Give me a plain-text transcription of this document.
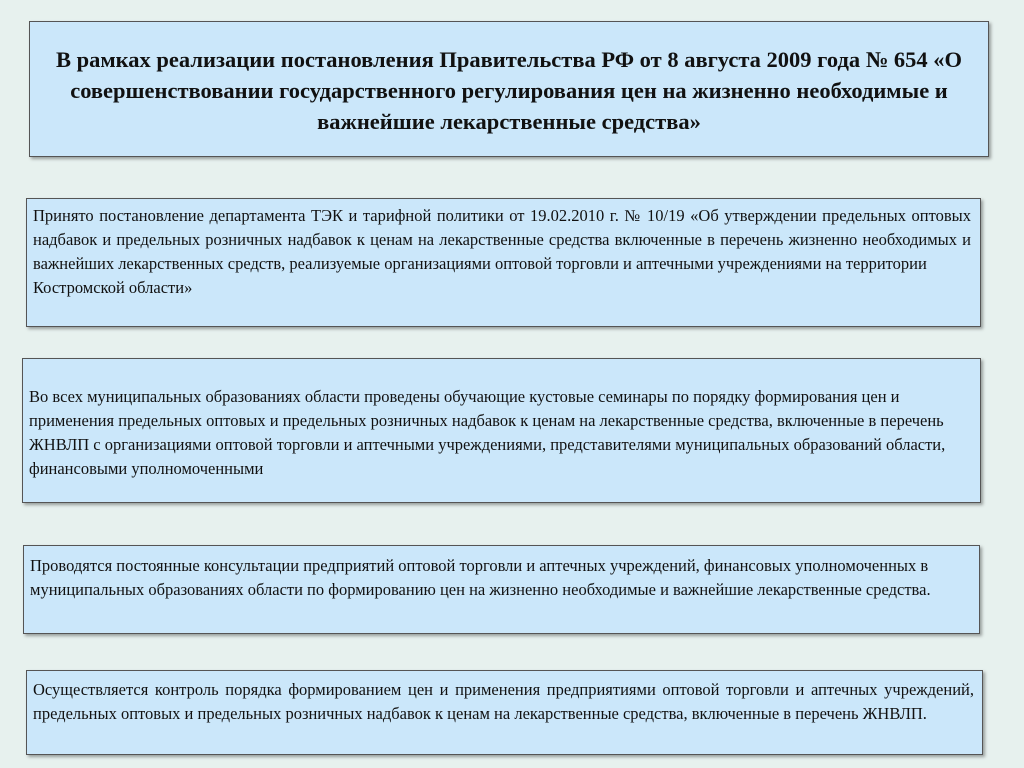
В рамках реализации постановления Правительства РФ от 8 августа 2009 года № 654 «О совершенствовании государственного регулирования цен на жизненно необходимые и важнейшие лекарственные средства»
Принято постановление департамента ТЭК и тарифной политики от 19.02.2010 г. № 10/19 «Об утверждении предельных оптовых надбавок и предельных розничных надбавок к ценам на лекарственные средства включенные в перечень жизненно необходимых и важнейших лекарственных средств, реализуемые организациями оптовой торговли и аптечными учреждениями на территории
Костромской области»
Во всех муниципальных образованиях области проведены обучающие кустовые семинары по порядку формирования цен и применения предельных оптовых и предельных розничных надбавок к ценам на лекарственные средства, включенные в перечень ЖНВЛП с организациями оптовой торговли и аптечными учреждениями, представителями муниципальных образований области, финансовыми уполномоченными
Проводятся постоянные консультации предприятий оптовой торговли и аптечных учреждений, финансовых уполномоченных в муниципальных образованиях области по формированию цен на жизненно необходимые и важнейшие лекарственные средства.
Осуществляется контроль порядка формированием цен и применения предприятиями оптовой торговли и аптечных учреждений, предельных оптовых и предельных розничных надбавок к ценам на лекарственные средства, включенные в перечень ЖНВЛП.
